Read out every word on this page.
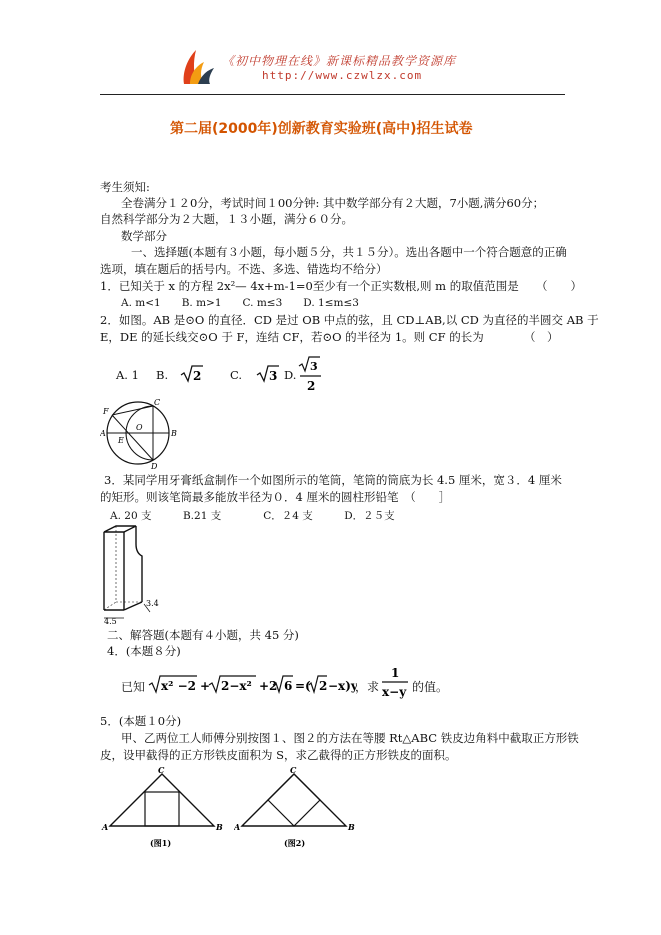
《初中物理在线》新课标精品教学资源库
http://www.czwlzx.com
第二届(2000年)创新教育实验班(高中)招生试卷
考生须知:
全卷满分１２0分，考试时间１00分钟: 其中数学部分有２大题，7小题,满分60分；
自然科学部分为２大题，１３小题，满分６０分。
数学部分
一、选择题(本题有３小题，每小题５分，共１５分）。选出各题中一个符合题意的正确
选项，填在题后的括号内。不选、多选、错选均不给分）
1．已知关于 x 的方程 2x²— 4x+m-1=0至少有一个正实数根,则 m 的取值范围是　　（　　）
A. m<1　　B. m>1　　C. m≤3　　D. 1≤m≤3
2．如图。AB 是⊙O 的直径．CD 是过 OB 中点的弦，且 CD⊥AB,以 CD 为直径的半圆交 AB 于
E，DE 的延长线交⊙O 于 F，连结 CF，若⊙O 的半径为 1。则 CF 的长为　　　　（　）
A. 1 B. 2 C. 3 D.
3
2
F
C
A
E
O
B
D
3．某同学用牙膏纸盒制作一个如图所示的笔筒，笔筒的筒底为长 4.5 厘米，宽３．4 厘米
的矩形。则该笔筒最多能放半径为０．4 厘米的圆柱形铅笔　（　　］
A. 20 支　　　B.21 支　　　　C．２4 支　　　D．２５支
4.5
3.4
二、解答题(本题有４小题，共 45 分)
4．(本题８分)
已知 x² −2 + 2−x² +2 6 =( 2 −x)y
，求
1
x−y 的值。
5．(本题１0分)
甲、乙两位工人师傅分别按图１、图２的方法在等腰 Rt△ABC 铁皮边角料中截取正方形铁
皮，设甲截得的正方形铁皮面积为 S，求乙截得的正方形铁皮的面积。
C
A	B
(图1)
C
A	B
(图2)
